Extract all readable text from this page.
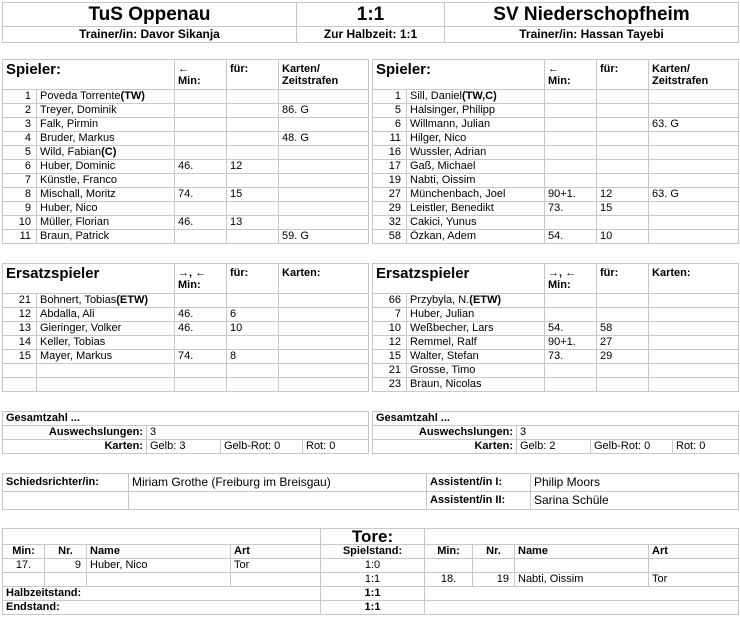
TuS Oppenau	1:1	SV Niederschopfheim
Trainer/in: Davor Sikanja	Zur Halbzeit: 1:1	Trainer/in: Hassan Tayebi
Spieler:		←
Min:	für:	Karten/
Zeitstrafen
1	Poveda Torrente(TW)			
2	Treyer, Dominik			86. G
3	Falk, Pirmin			
4	Bruder, Markus			48. G
5	Wild, Fabian(C)			
6	Huber, Dominic	46.	12	
7	Künstle, Franco			
8	Mischall, Moritz	74.	15	
9	Huber, Nico			
10	Müller, Florian	46.	13	
11	Braun, Patrick			59. G
Spieler:		←
Min:	für:	Karten/
Zeitstrafen
1	Sill, Daniel(TW,C)			
5	Halsinger, Philipp			
6	Willmann, Julian			63. G
11	Hilger, Nico			
16	Wussler, Adrian			
17	Gaß, Michael			
19	Nabti, Oissim			
27	Münchenbach, Joel	90+1.	12	63. G
29	Leistler, Benedikt	73.	15	
32	Cakici, Yunus			
58	Özkan, Adem	54.	10	
Ersatzspieler		→, ←
Min:	für:	Karten:
21	Bohnert, Tobias(ETW)			
12	Abdalla, Ali	46.	6	
13	Gieringer, Volker	46.	10	
14	Keller, Tobias			
15	Mayer, Markus	74.	8	

Ersatzspieler		→, ←
Min:	für:	Karten:
66	Przybyla, N.(ETW)			
7	Huber, Julian			
10	Weßbecher, Lars	54.	58	
12	Remmel, Ralf	90+1.	27	
15	Walter, Stefan	73.	29	
21	Grosse, Timo			
23	Braun, Nicolas			
Gesamtzahl ...			
Auswechslungen:	3		
Karten:	Gelb: 3	Gelb-Rot: 0	Rot: 0
Gesamtzahl ...			
Auswechslungen:	3		
Karten:	Gelb: 2	Gelb-Rot: 0	Rot: 0
Schiedsrichter/in:	Miriam Grothe (Freiburg im Breisgau)	Assistent/in I:	Philip Moors
		Assistent/in II:	Sarina Schüle
				Tore:				
Min:	Nr.	Name	Art	Spielstand:	Min:	Nr.	Name	Art
17.	9	Huber, Nico	Tor	1:0				
				1:1	18.	19	Nabti, Oissim	Tor
Halbzeitstand:				1:1				
Endstand:				1:1				
